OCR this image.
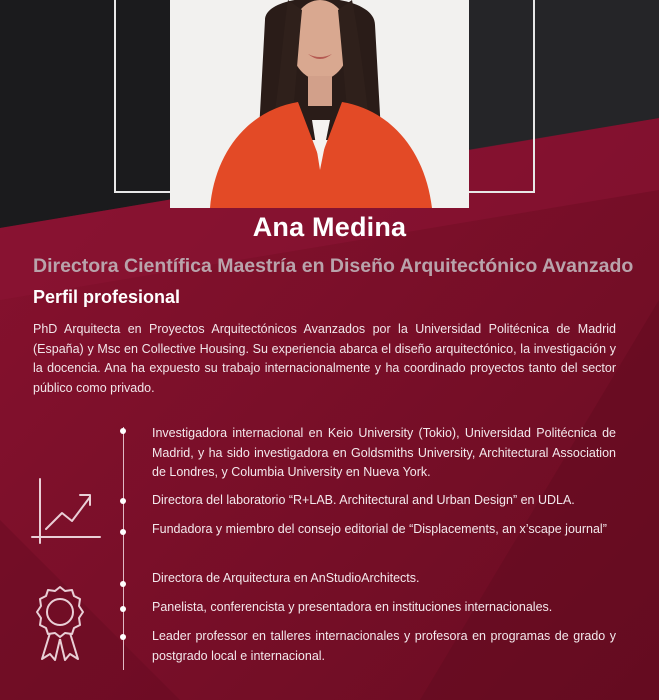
Ana Medina
Directora Científica Maestría en Diseño Arquitectónico Avanzado
Perfil profesional
PhD Arquitecta en Proyectos Arquitectónicos Avanzados por la Universidad Politécnica de Madrid (España) y Msc en Collective Housing. Su experiencia abarca el diseño arquitectónico, la investigación y la docencia. Ana ha expuesto su trabajo internacionalmente y ha coordinado proyectos tanto del sector público como privado.
Investigadora internacional en Keio University (Tokio), Universidad Politécnica de Madrid, y ha sido investigadora en Goldsmiths University, Architectural Association de Londres, y Columbia University en Nueva York.
Directora del laboratorio “R+LAB. Architectural and Urban Design” en UDLA.
Fundadora y miembro del consejo editorial de “Displacements, an x’scape journal”
Directora de Arquitectura en AnStudioArchitects.
Panelista, conferencista y presentadora en instituciones internacionales.
Leader professor en talleres internacionales y profesora en programas de grado y postgrado local e internacional.
